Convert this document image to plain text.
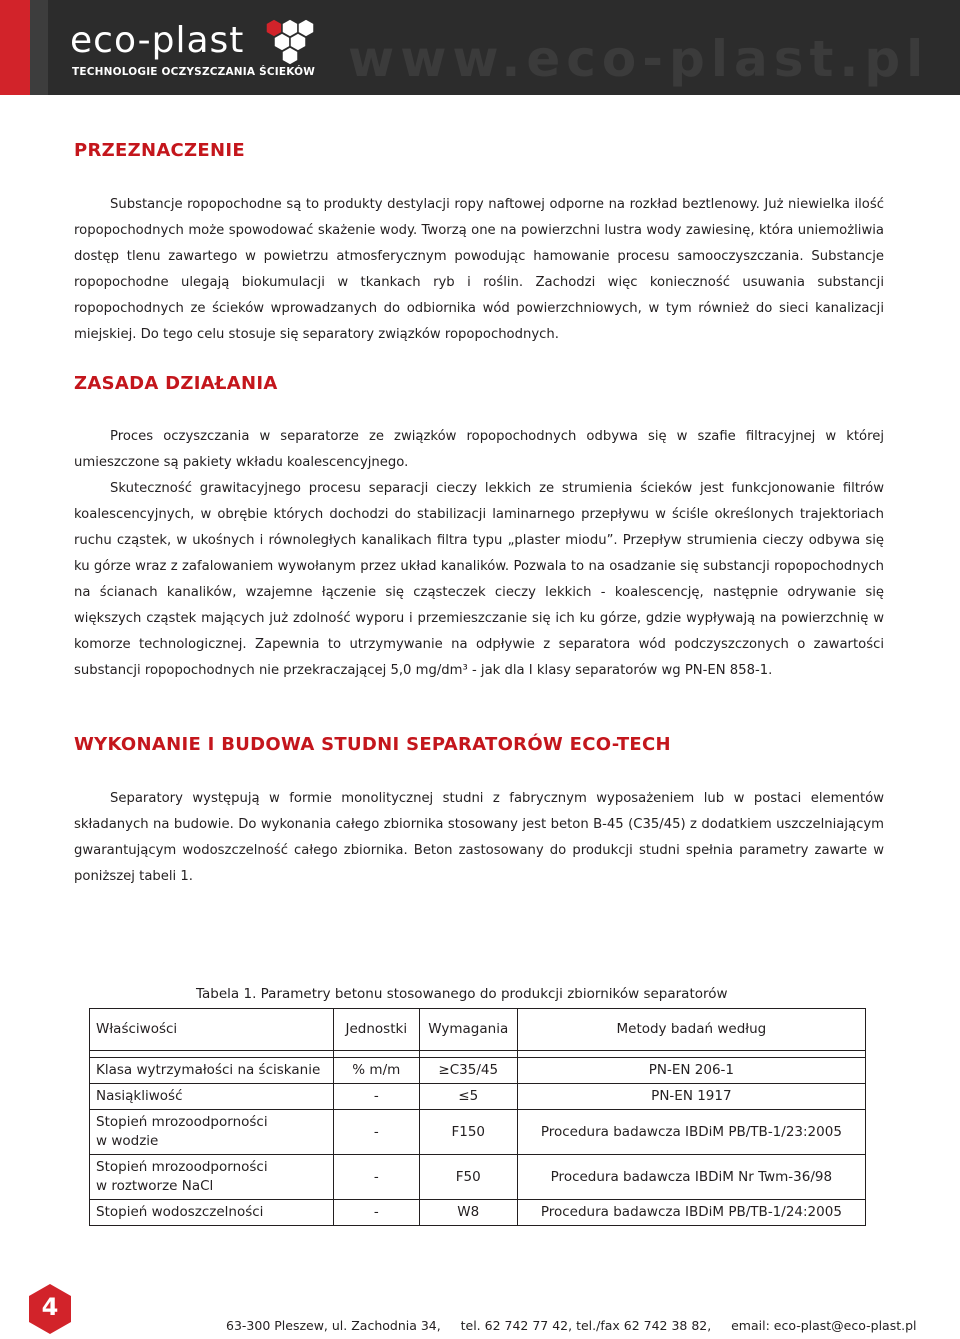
eco-plast
TECHNOLOGIE OCZYSZCZANIA ŚCIEKÓW www.eco-plast.pl
PRZEZNACZENIE

Substancje ropopochodne są to produkty destylacji ropy naftowej odporne na rozkład beztlenowy. Już niewielka ilość ropopochodnych może spowodować skażenie wody. Tworzą one na powierzchni lustra wody zawiesinę, która uniemożliwia dostęp tlenu zawartego w powietrzu atmosferycznym powodując hamowanie procesu samooczyszczania. Substancje ropopochodne ulegają biokumulacji w tkankach ryb i roślin. Zachodzi więc konieczność usuwania substancji ropopochodnych ze ścieków wprowadzanych do odbiornika wód powierzchniowych, w tym również do sieci kanalizacji miejskiej. Do tego celu stosuje się separatory związków ropopochodnych.

ZASADA DZIAŁANIA

Proces oczyszczania w separatorze ze związków ropopochodnych odbywa się w szafie filtracyjnej w której umieszczone są pakiety wkładu koalescencyjnego.

Skuteczność grawitacyjnego procesu separacji cieczy lekkich ze strumienia ścieków jest funkcjonowanie filtrów koalescencyjnych, w obrębie których dochodzi do stabilizacji laminarnego przepływu w ściśle określonych trajektoriach ruchu cząstek, w ukośnych i równoległych kanalikach filtra typu „plaster miodu”. Przepływ strumienia cieczy odbywa się ku górze wraz z zafalowaniem wywołanym przez układ kanalików. Pozwala to na osadzanie się substancji ropopochodnych na ścianach kanalików, wzajemne łączenie się cząsteczek cieczy lekkich - koalescencję, następnie odrywanie się większych cząstek mających już zdolność wyporu i przemieszczanie się ich ku górze, gdzie wypływają na powierzchnię w komorze technologicznej. Zapewnia to utrzymywanie na odpływie z separatora wód podczyszczonych o zawartości substancji ropopochodnych nie przekraczającej 5,0 mg/dm³ - jak dla I klasy separatorów wg PN-EN 858-1.

WYKONANIE I BUDOWA STUDNI SEPARATORÓW ECO-TECH

Separatory występują w formie monolitycznej studni z fabrycznym wyposażeniem lub w postaci elementów składanych na budowie. Do wykonania całego zbiornika stosowany jest beton B-45 (C35/45) z dodatkiem uszczelniającym gwarantującym wodoszczelność całego zbiornika. Beton zastosowany do produkcji studni spełnia parametry zawarte w poniższej tabeli 1.

Tabela 1. Parametry betonu stosowanego do produkcji zbiorników separatorów
Właściwości	Jednostki	Wymagania	Metody badań według

Klasa wytrzymałości na ściskanie	% m/m	≥C35/45	PN-EN 206-1
Nasiąkliwość	-	≤5	PN-EN 1917
Stopień mrozoodporności w wodzie	-	F150	Procedura badawcza IBDiM PB/TB-1/23:2005
Stopień mrozoodporności w roztworze NaCl	-	F50	Procedura badawcza IBDiM Nr Twm-36/98
Stopień wodoszczelności	-	W8	Procedura badawcza IBDiM PB/TB-1/24:2005
4
63-300 Pleszew, ul. Zachodnia 34, tel. 62 742 77 42, tel./fax 62 742 38 82, email: eco-plast@eco-plast.pl
